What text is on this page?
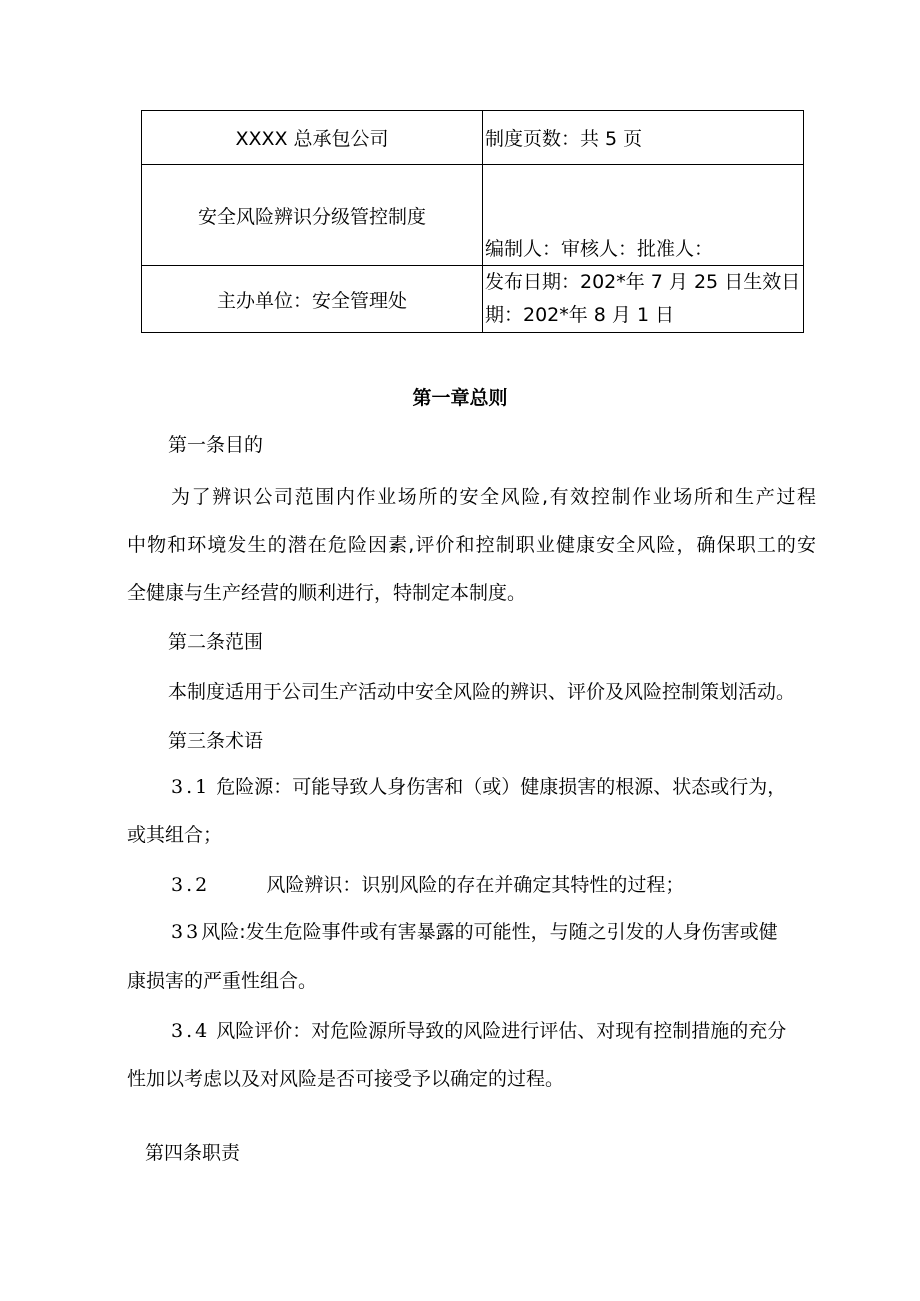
XXXX 总承包公司	制度页数：共 5 页
安全风险辨识分级管控制度	编制人：审核人：批准人：
主办单位：安全管理处	发布日期：202*年 7 月 25 日生效日
期：202*年 8 月 1 日
第一章总则
第一条目的
为了辨识公司范围内作业场所的安全风险,有效控制作业场所和生产过程
中物和环境发生的潜在危险因素,评价和控制职业健康安全风险，确保职工的安
全健康与生产经营的顺利进行，特制定本制度。
第二条范围
本制度适用于公司生产活动中安全风险的辨识、评价及风险控制策划活动。
第三条术语
3.1 危险源：可能导致人身伤害和（或）健康损害的根源、状态或行为，
或其组合；
3.2	风险辨识：识别风险的存在并确定其特性的过程；
33风险:发生危险事件或有害暴露的可能性，与随之引发的人身伤害或健
康损害的严重性组合。
3.4 风险评价：对危险源所导致的风险进行评估、对现有控制措施的充分
性加以考虑以及对风险是否可接受予以确定的过程。
第四条职责
